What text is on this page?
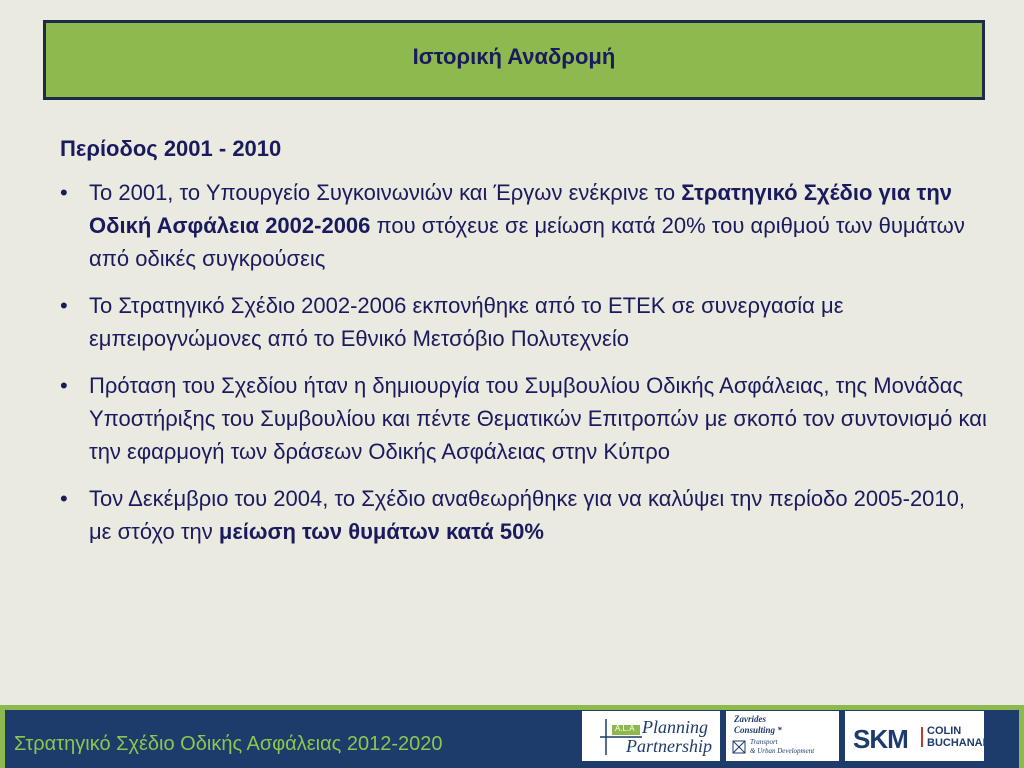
Ιστορική Αναδρομή
Περίοδος 2001 - 2010
• Το 2001, το Υπουργείο Συγκοινωνιών και Έργων ενέκρινε το Στρατηγικό Σχέδιο για την Οδική Ασφάλεια 2002-2006 που στόχευε σε μείωση κατά 20% του αριθμού των θυμάτων από οδικές συγκρούσεις
• Το Στρατηγικό Σχέδιο 2002-2006 εκπονήθηκε από το ΕΤΕΚ σε συνεργασία με εμπειρογνώμονες από το Εθνικό Μετσόβιο Πολυτεχνείο
• Πρόταση του Σχεδίου ήταν η δημιουργία του Συμβουλίου Οδικής Ασφάλειας, της Μονάδας Υποστήριξης του Συμβουλίου και πέντε Θεματικών Επιτροπών με σκοπό τον συντονισμό και την εφαρμογή των δράσεων Οδικής Ασφάλειας στην Κύπρο
• Τον Δεκέμβριο του 2004, το Σχέδιο αναθεωρήθηκε για να καλύψει την περίοδο 2005-2010, με στόχο την μείωση των θυμάτων κατά 50%
Στρατηγικό Σχέδιο Οδικής Ασφάλειας 2012-2020
A.L.A Planning
Partnership
Zavrides
Consulting *
Transport
& Urban Development SKM COLIN
BUCHANAN
